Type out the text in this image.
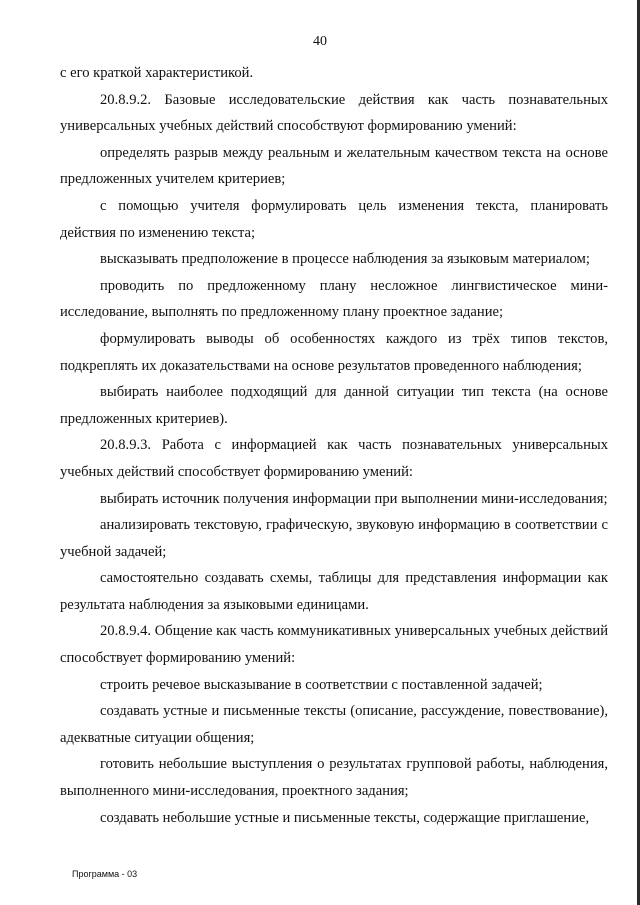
40

с его краткой характеристикой.

20.8.9.2. Базовые исследовательские действия как часть познавательных универсальных учебных действий способствуют формированию умений:

определять разрыв между реальным и желательным качеством текста на основе предложенных учителем критериев;

с помощью учителя формулировать цель изменения текста, планировать действия по изменению текста;

высказывать предположение в процессе наблюдения за языковым материалом;

проводить по предложенному плану несложное лингвистическое мини-исследование, выполнять по предложенному плану проектное задание;

формулировать выводы об особенностях каждого из трёх типов текстов, подкреплять их доказательствами на основе результатов проведенного наблюдения;

выбирать наиболее подходящий для данной ситуации тип текста (на основе предложенных критериев).

20.8.9.3. Работа с информацией как часть познавательных универсальных учебных действий способствует формированию умений:

выбирать источник получения информации при выполнении мини-исследования;

анализировать текстовую, графическую, звуковую информацию в соответствии с учебной задачей;

самостоятельно создавать схемы, таблицы для представления информации как результата наблюдения за языковыми единицами.

20.8.9.4. Общение как часть коммуникативных универсальных учебных действий способствует формированию умений:

строить речевое высказывание в соответствии с поставленной задачей;

создавать устные и письменные тексты (описание, рассуждение, повествование), адекватные ситуации общения;

готовить небольшие выступления о результатах групповой работы, наблюдения, выполненного мини-исследования, проектного задания;

создавать небольшие устные и письменные тексты, содержащие приглашение,

Программа - 03
